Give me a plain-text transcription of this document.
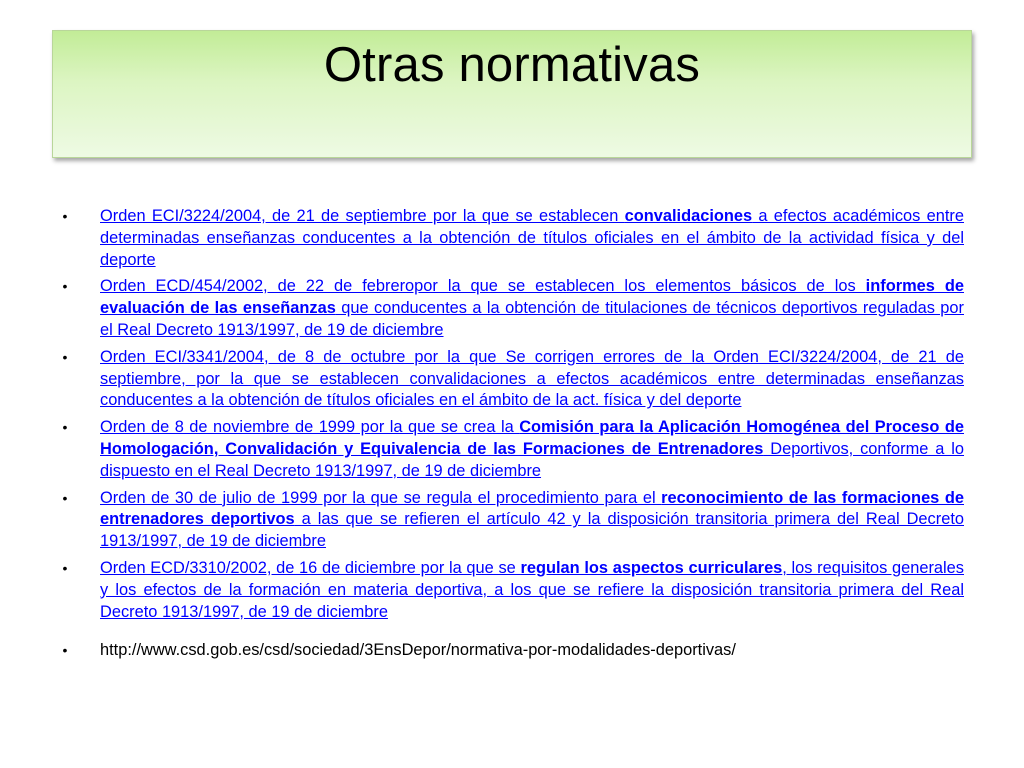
Otras normativas
• Orden ECI/3224/2004, de 21 de septiembre por la que se establecen convalidaciones a efectos académicos entre determinadas enseñanzas conducentes a la obtención de títulos oficiales en el ámbito de la actividad física y del deporte
• Orden ECD/454/2002, de 22 de febreropor la que se establecen los elementos básicos de los informes de evaluación de las enseñanzas que conducentes a la obtención de titulaciones de técnicos deportivos reguladas por el Real Decreto 1913/1997, de 19 de diciembre
• Orden ECI/3341/2004, de 8 de octubre por la que Se corrigen errores de la Orden ECI/3224/2004, de 21 de septiembre, por la que se establecen convalidaciones a efectos académicos entre determinadas enseñanzas conducentes a la obtención de títulos oficiales en el ámbito de la act. física y del deporte
• Orden de 8 de noviembre de 1999 por la que se crea la Comisión para la Aplicación Homogénea del Proceso de Homologación, Convalidación y Equivalencia de las Formaciones de Entrenadores Deportivos, conforme a lo dispuesto en el Real Decreto 1913/1997, de 19 de diciembre
• Orden de 30 de julio de 1999 por la que se regula el procedimiento para el reconocimiento de las formaciones de entrenadores deportivos a las que se refieren el artículo 42 y la disposición transitoria primera del Real Decreto 1913/1997, de 19 de diciembre
• Orden ECD/3310/2002, de 16 de diciembre por la que se regulan los aspectos curriculares, los requisitos generales y los efectos de la formación en materia deportiva, a los que se refiere la disposición transitoria primera del Real Decreto 1913/1997, de 19 de diciembre
• http://www.csd.gob.es/csd/sociedad/3EnsDepor/normativa-por-modalidades-deportivas/
